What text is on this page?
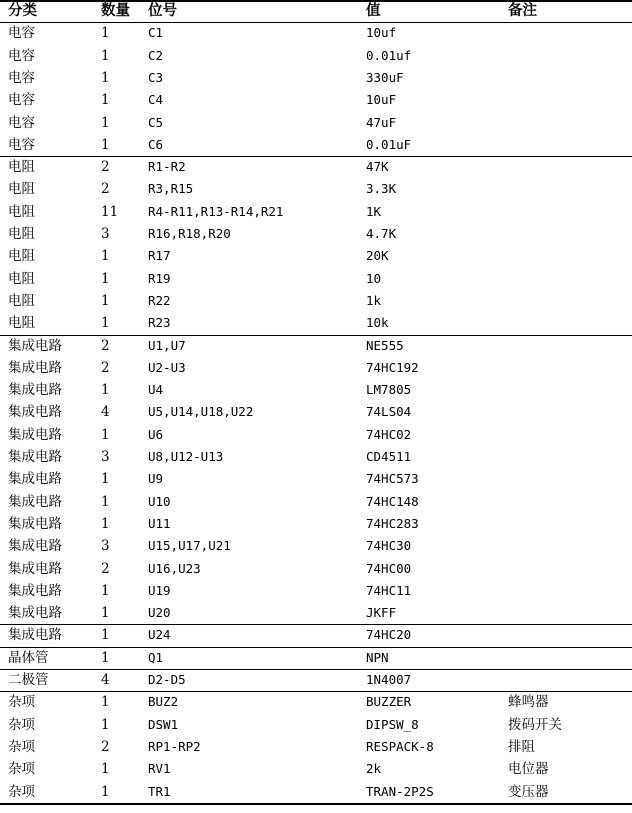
分类	数量 位号	值	备注
电容	1	C1	10uf
电容	1	C2	0.01uf
电容	1	C3	330uF
电容	1	C4	10uF
电容	1	C5	47uF
电容	1	C6	0.01uF
电阻	2	R1-R2	47K
电阻	2	R3,R15	3.3K
电阻	11 R4-R11,R13-R14,R21	1K
电阻	3	R16,R18,R20	4.7K
电阻	1	R17	20K
电阻	1	R19	10
电阻	1	R22	1k
电阻	1	R23	10k
集成电路	2	U1,U7	NE555
集成电路	2	U2-U3	74HC192
集成电路	1	U4	LM7805
集成电路	4	U5,U14,U18,U22	74LS04
集成电路	1	U6	74HC02
集成电路	3	U8,U12-U13	CD4511
集成电路	1	U9	74HC573
集成电路	1	U10	74HC148
集成电路	1	U11	74HC283
集成电路	3	U15,U17,U21	74HC30
集成电路	2	U16,U23	74HC00
集成电路	1	U19	74HC11
集成电路	1	U20	JKFF
集成电路	1	U24	74HC20
晶体管	1	Q1	NPN
二极管	4	D2-D5	1N4007
杂项	1	BUZ2	BUZZER	蜂鸣器
杂项	1	DSW1	DIPSW_8	拨码开关
杂项	2	RP1-RP2	RESPACK-8	排阻
杂项	1	RV1	2k	电位器
杂项	1	TR1	TRAN-2P2S	变压器
